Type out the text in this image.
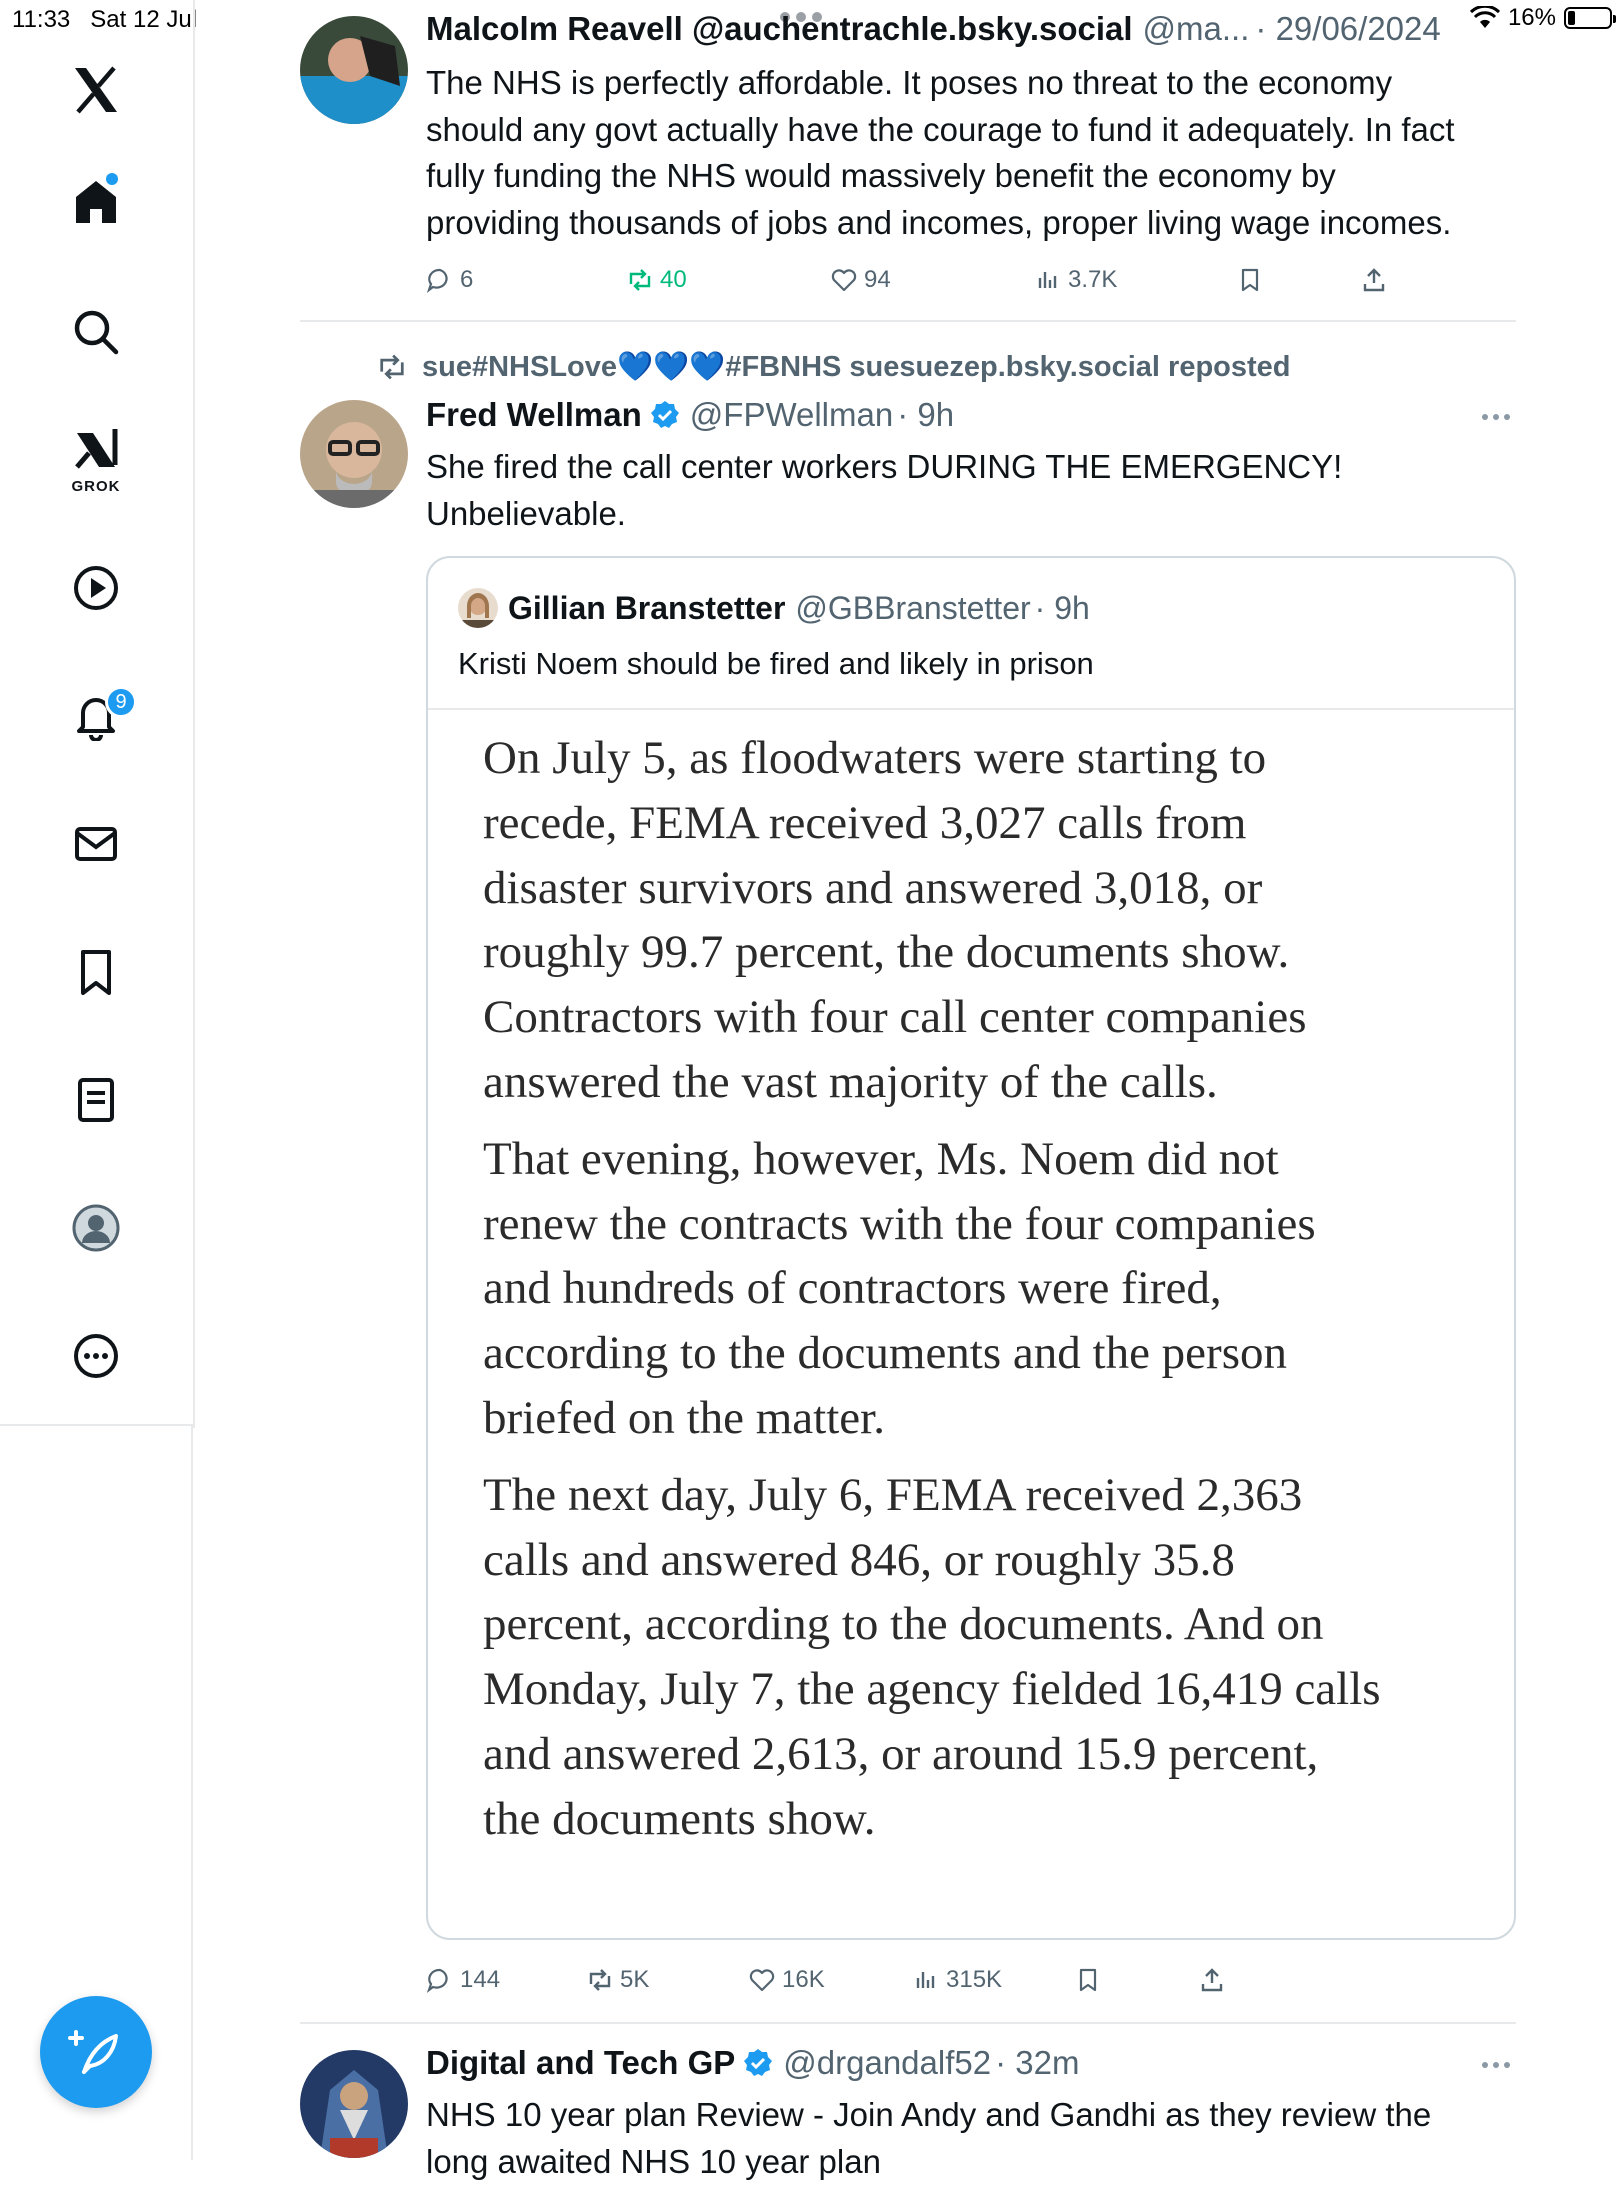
11:33 Sat 12 Jul	16%
GROK
9
Malcolm Reavell @auchentrachle.bsky.social @ma... · 29/06/2024
The NHS is perfectly affordable. It poses no threat to the economy
should any govt actually have the courage to fund it adequately. In fact
fully funding the NHS would massively benefit the economy by
providing thousands of jobs and incomes, proper living wage incomes.
6	40	94	3.7K
sue#NHSLove💙💙💙#FBNHS suesuezep.bsky.social reposted
Fred Wellman @FPWellman · 9h
She fired the call center workers DURING THE EMERGENCY!
Unbelievable.
Gillian Branstetter @GBBranstetter · 9h
Kristi Noem should be fired and likely in prison

On July 5, as floodwaters were starting to
recede, FEMA received 3,027 calls from
disaster survivors and answered 3,018, or
roughly 99.7 percent, the documents show.
Contractors with four call center companies
answered the vast majority of the calls.

That evening, however, Ms. Noem did not
renew the contracts with the four companies
and hundreds of contractors were fired,
according to the documents and the person
briefed on the matter.

The next day, July 6, FEMA received 2,363
calls and answered 846, or roughly 35.8
percent, according to the documents. And on
Monday, July 7, the agency fielded 16,419 calls
and answered 2,613, or around 15.9 percent,
the documents show.

144	5K	16K	315K
Digital and Tech GP @drgandalf52 · 32m
NHS 10 year plan Review - Join Andy and Gandhi as they review the
long awaited NHS 10 year plan
